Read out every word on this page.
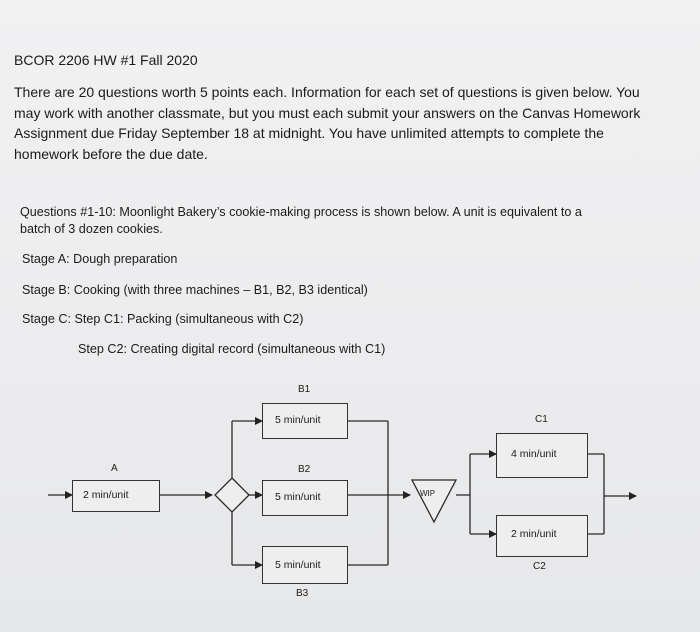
BCOR 2206 HW #1 Fall 2020
There are 20 questions worth 5 points each. Information for each set of questions is given below. You
may work with another classmate, but you must each submit your answers on the Canvas Homework
Assignment due Friday September 18 at midnight. You have unlimited attempts to complete the
homework before the due date.
Questions #1-10: Moonlight Bakery’s cookie-making process is shown below. A unit is equivalent to a
batch of 3 dozen cookies.
Stage A: Dough preparation
Stage B: Cooking (with three machines – B1, B2, B3 identical)
Stage C: Step C1: Packing (simultaneous with C2)
Step C2: Creating digital record (simultaneous with C1)
WIP
A
2 min/unit
B1
5 min/unit
B2
5 min/unit
5 min/unit
B3
C1
4 min/unit
2 min/unit
C2
